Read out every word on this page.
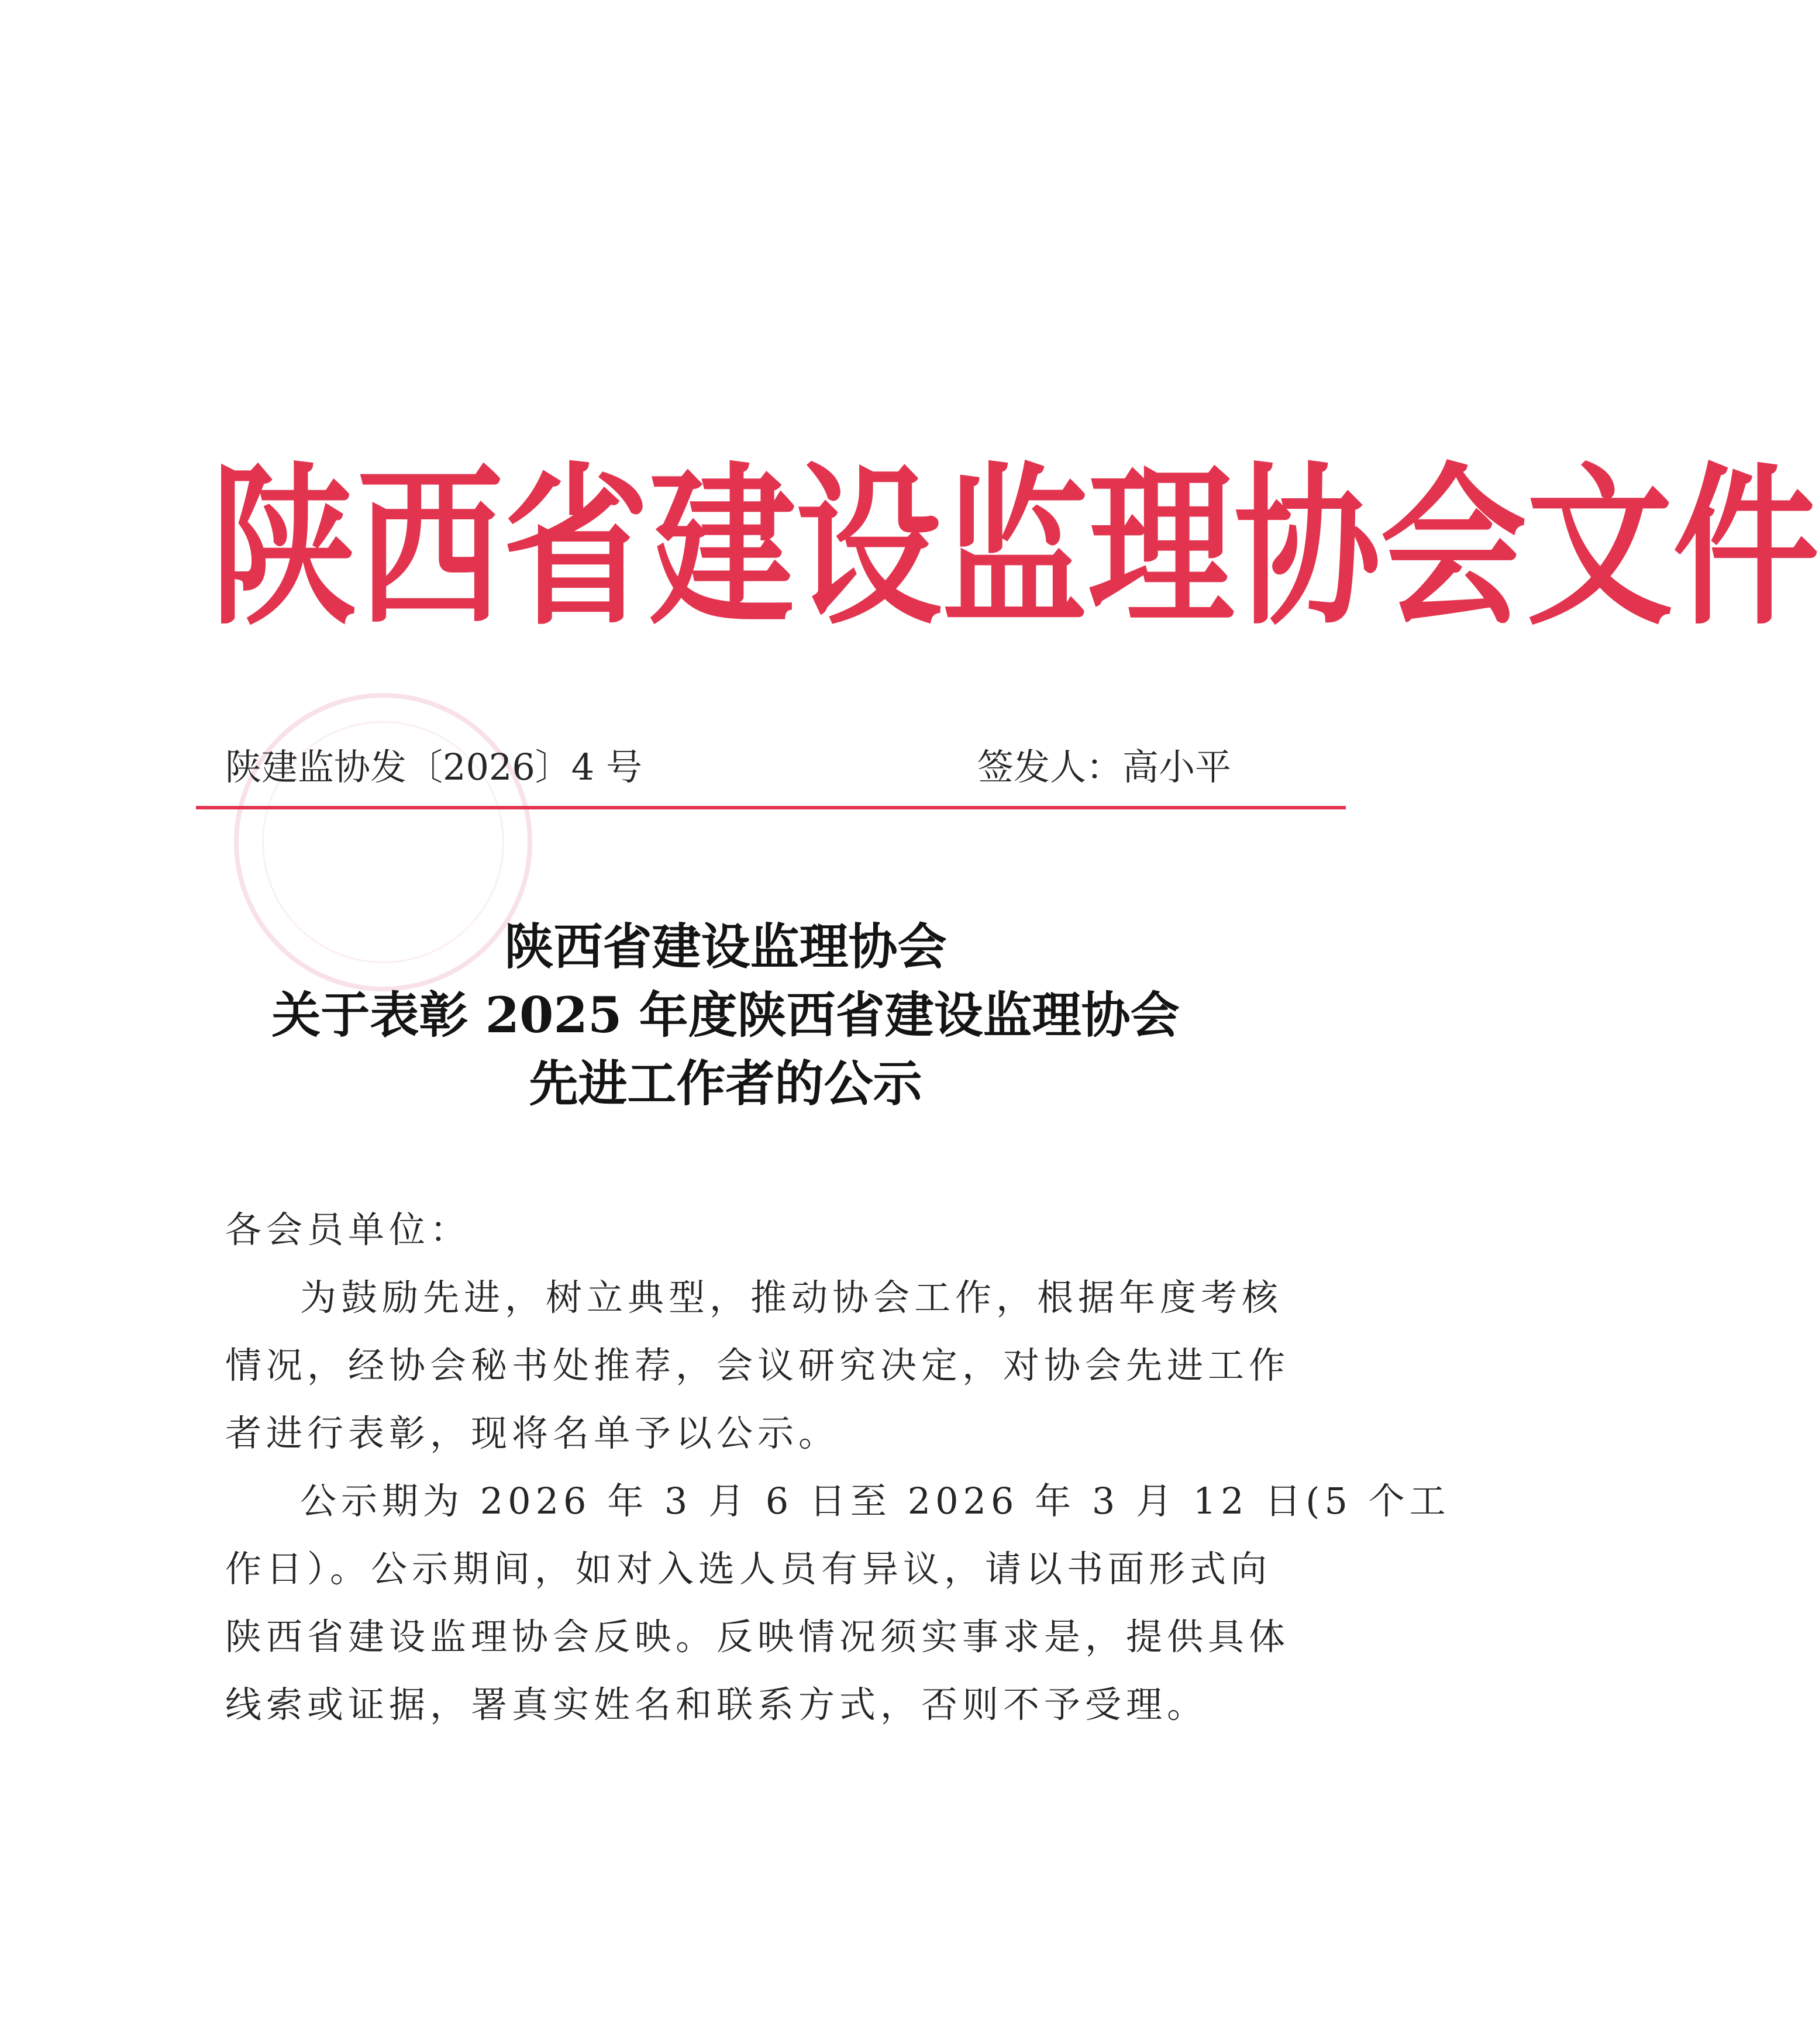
陕 西 省 建 设 监 理 协 会 文 件
陕建监协发〔2026〕4 号	签发人：高小平
陕西省建设监理协会
关于表彰 2025 年度陕西省建设监理协会
先进工作者的公示
各会员单位：
为鼓励先进，树立典型，推动协会工作，根据年度考核
情况，经协会秘书处推荐，会议研究决定，对协会先进工作
者进行表彰，现将名单予以公示。
公示期为 2026 年 3 月 6 日至 2026 年 3 月 12 日(5 个工
作日）。公示期间，如对入选人员有异议，请以书面形式向
陕西省建设监理协会反映。反映情况须实事求是，提供具体
线索或证据，署真实姓名和联系方式，否则不予受理。
